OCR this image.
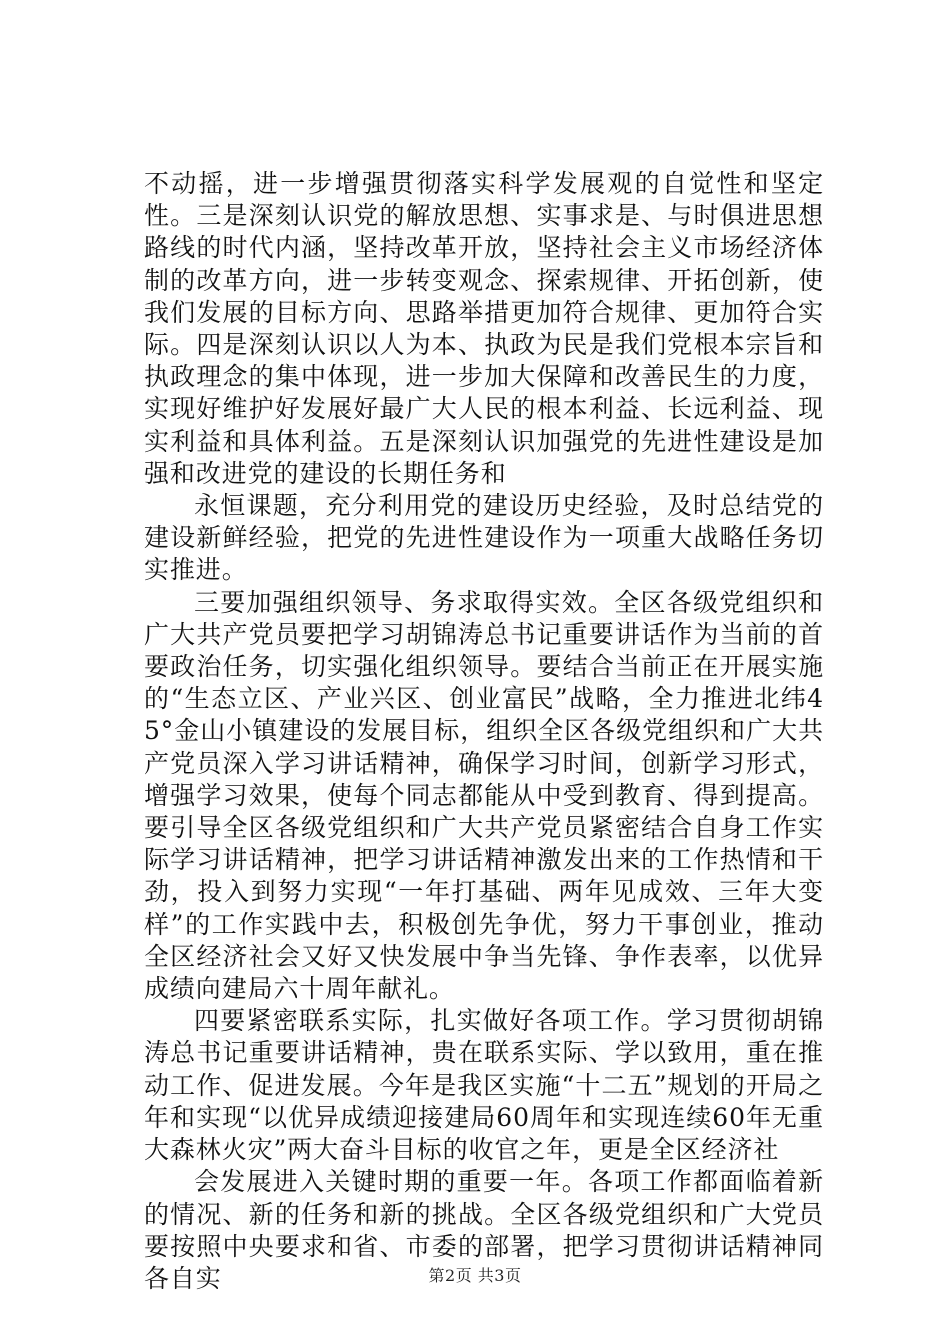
不动摇，进一步增强贯彻落实科学发展观的自觉性和坚定性。三是深刻认识党的解放思想、实事求是、与时俱进思想路线的时代内涵，坚持改革开放，坚持社会主义市场经济体制的改革方向，进一步转变观念、探索规律、开拓创新，使我们发展的目标方向、思路举措更加符合规律、更加符合实际。四是深刻认识以人为本、执政为民是我们党根本宗旨和执政理念的集中体现，进一步加大保障和改善民生的力度，实现好维护好发展好最广大人民的根本利益、长远利益、现实利益和具体利益。五是深刻认识加强党的先进性建设是加强和改进党的建设的长期任务和

永恒课题，充分利用党的建设历史经验，及时总结党的建设新鲜经验，把党的先进性建设作为一项重大战略任务切实推进。

三要加强组织领导、务求取得实效。全区各级党组织和广大共产党员要把学习胡锦涛总书记重要讲话作为当前的首要政治任务，切实强化组织领导。要结合当前正在开展实施的“生态立区、产业兴区、创业富民”战略，全力推进北纬45°金山小镇建设的发展目标，组织全区各级党组织和广大共产党员深入学习讲话精神，确保学习时间，创新学习形式，增强学习效果，使每个同志都能从中受到教育、得到提高。要引导全区各级党组织和广大共产党员紧密结合自身工作实际学习讲话精神，把学习讲话精神激发出来的工作热情和干劲，投入到努力实现“一年打基础、两年见成效、三年大变样”的工作实践中去，积极创先争优，努力干事创业，推动全区经济社会又好又快发展中争当先锋、争作表率，以优异成绩向建局六十周年献礼。

四要紧密联系实际，扎实做好各项工作。学习贯彻胡锦涛总书记重要讲话精神，贵在联系实际、学以致用，重在推动工作、促进发展。今年是我区实施“十二五”规划的开局之年和实现“以优异成绩迎接建局60周年和实现连续60年无重大森林火灾”两大奋斗目标的收官之年，更是全区经济社

会发展进入关键时期的重要一年。各项工作都面临着新的情况、新的任务和新的挑战。全区各级党组织和广大党员要按照中央要求和省、市委的部署，把学习贯彻讲话精神同各自实	第2页 共3页
